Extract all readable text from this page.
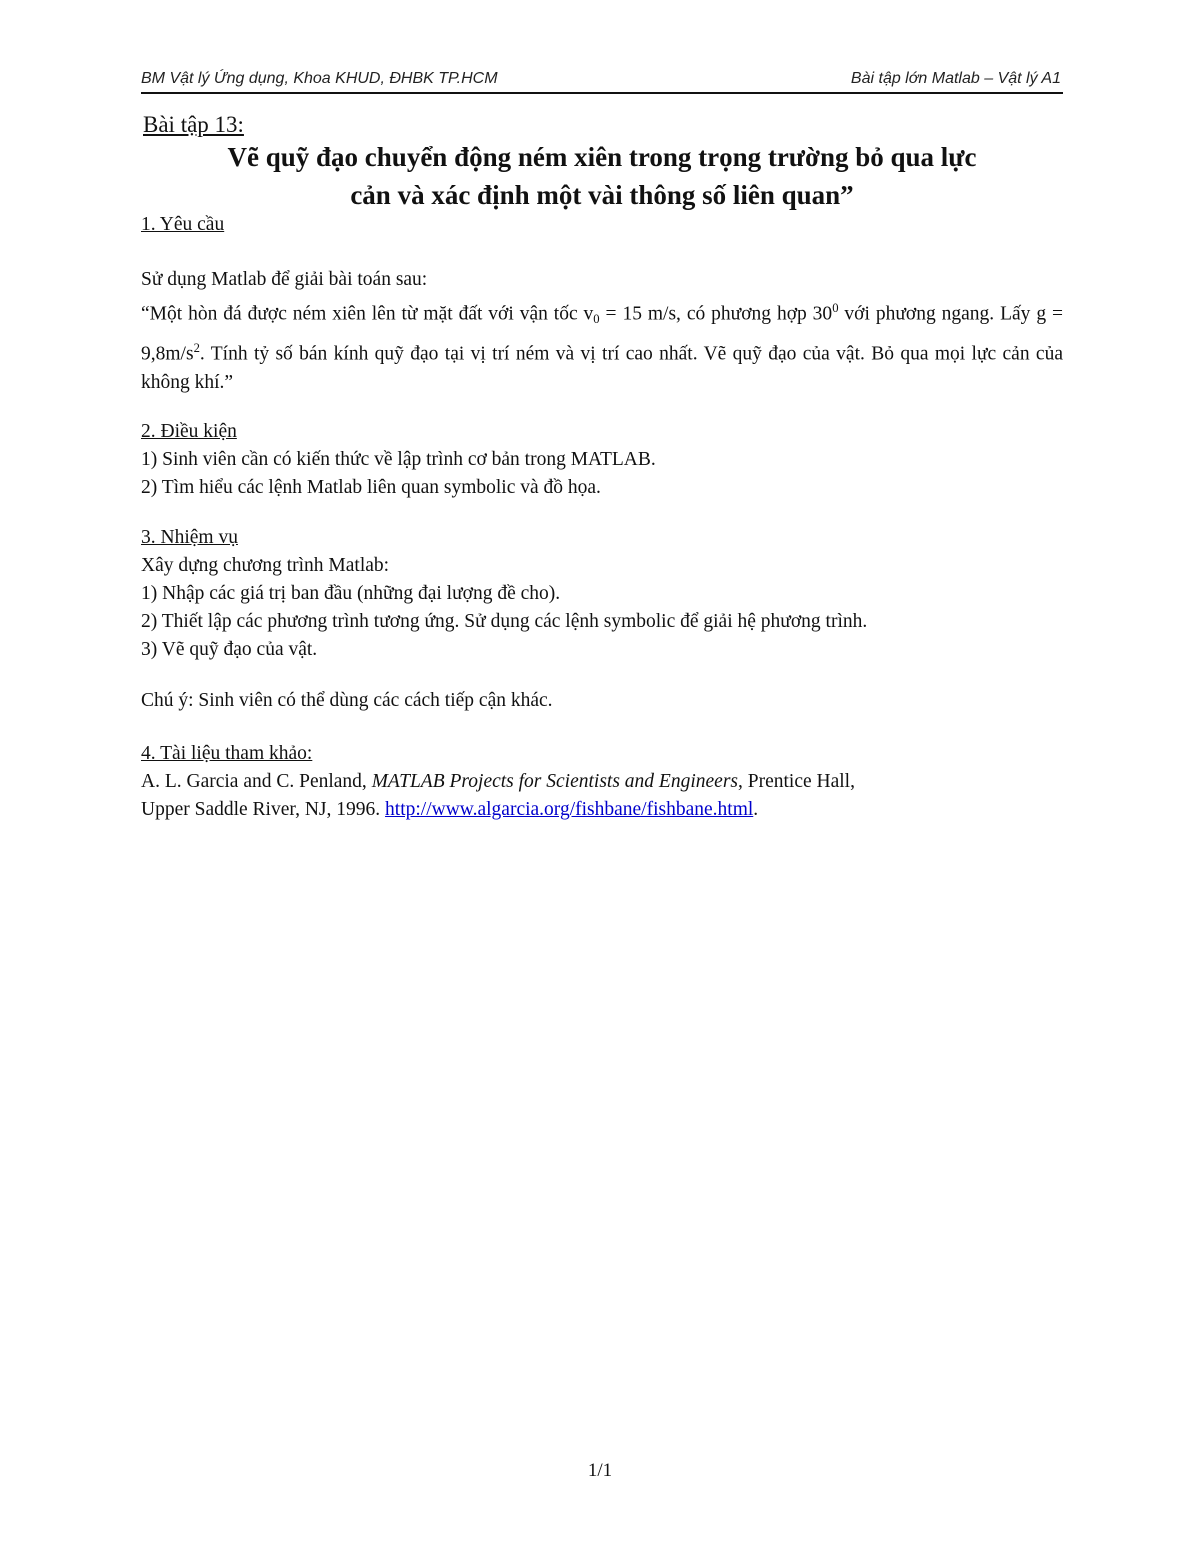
BM Vật lý Ứng dụng, Khoa KHUD, ĐHBK TP.HCM	Bài tập lớn Matlab – Vật lý A1
Bài tập 13:
Vẽ quỹ đạo chuyển động ném xiên trong trọng trường bỏ qua lực
cản và xác định một vài thông số liên quan”
1. Yêu cầu
Sử dụng Matlab để giải bài toán sau:
“Một hòn đá được ném xiên lên từ mặt đất với vận tốc $v_0 = 15$ m/s, có phương hợp $30^0$ với phương ngang. Lấy $g = 9,8m/s^2$. Tính tỷ số bán kính quỹ đạo tại vị trí ném và vị trí cao nhất. Vẽ quỹ đạo của vật. Bỏ qua mọi lực cản của không khí.”
2. Điều kiện
1) Sinh viên cần có kiến thức về lập trình cơ bản trong MATLAB.
2) Tìm hiểu các lệnh Matlab liên quan symbolic và đồ họa.
3. Nhiệm vụ
Xây dựng chương trình Matlab:
1) Nhập các giá trị ban đầu (những đại lượng đề cho).
2) Thiết lập các phương trình tương ứng. Sử dụng các lệnh symbolic để giải hệ phương trình.
3) Vẽ quỹ đạo của vật.
Chú ý: Sinh viên có thể dùng các cách tiếp cận khác.
4. Tài liệu tham khảo:
A. L. Garcia and C. Penland, MATLAB Projects for Scientists and Engineers, Prentice Hall,
Upper Saddle River, NJ, 1996. http://www.algarcia.org/fishbane/fishbane.html.
1/1
